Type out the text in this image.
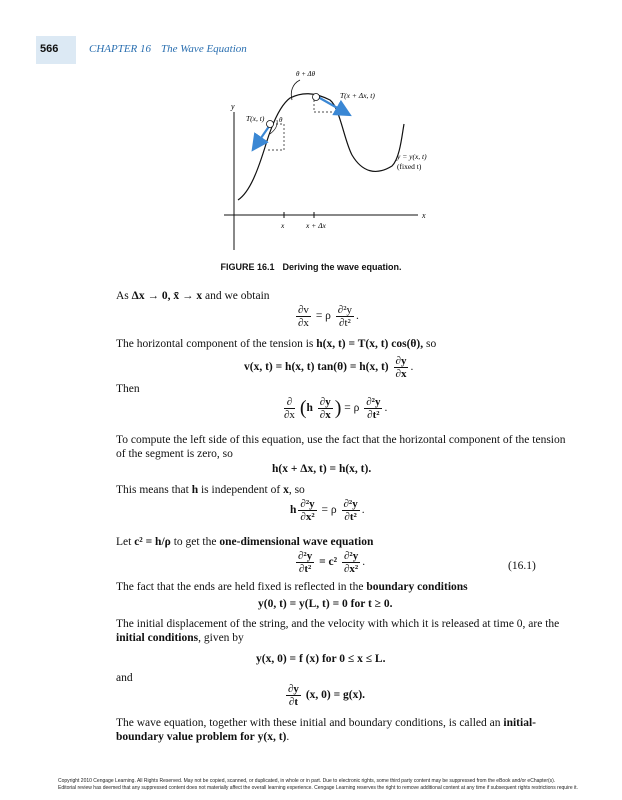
566	CHAPTER 16 The Wave Equation
θ + Δθ
T(x + Δx, t)
T(x, t) θ
y
x
y = y(x, t)
(fixed t)
x	x + Δx
FIGURE 16.1 Deriving the wave equation.
As Δx → 0, x̄ → x and we obtain
$\frac{\partial v}{\partial x} = \rho \frac{\text{∂²y}}{\text{∂t²}}$ .
The horizontal component of the tension is h(x, t) = T(x, t) cos(θ), so
v(x, t) = h(x, t) tan(θ) = h(x, $t) \frac{\partial y}{\partial x}$ .
Then
$\frac{\partial}{\partial x} (h \frac{\partial y}{\partial x}$ ) = ρ $\frac{\text{∂²y}}{\text{∂t²}}$ .
To compute the left side of this equation, use the fact that the horizontal component of the tension
of the segment is zero, so
h(x + Δx, t) = h(x, t).
This means that h is independent of x, so
h $\frac{\text{∂²y}}{\text{∂x²}} = \rho \frac{\text{∂²y}}{\text{∂t²}}$ .
Let c² = h/ρ to get the one-dimensional wave equation
$\frac{\text{∂²y}}{\text{∂t²}} = c^2 \frac{\text{∂²y}}{\text{∂x²}}$ .	(16.1)
The fact that the ends are held fixed is reflected in the boundary conditions
y(0, t) = y(L, t) = 0 for t ≥ 0.
The initial displacement of the string, and the velocity with which it is released at time 0, are the
initial conditions, given by
y(x, 0) = f (x) for 0 ≤ x ≤ L.
and
$\frac{\partial y}{\partial t} (x$, 0) = g(x).
The wave equation, together with these initial and boundary conditions, is called an initial-
boundary value problem for y(x, t).
Copyright 2010 Cengage Learning. All Rights Reserved. May not be copied, scanned, or duplicated, in whole or in part. Due to electronic rights, some third party content may be suppressed from the eBook and/or eChapter(s).
Editorial review has deemed that any suppressed content does not materially affect the overall learning experience. Cengage Learning reserves the right to remove additional content at any time if subsequent rights restrictions require it.
